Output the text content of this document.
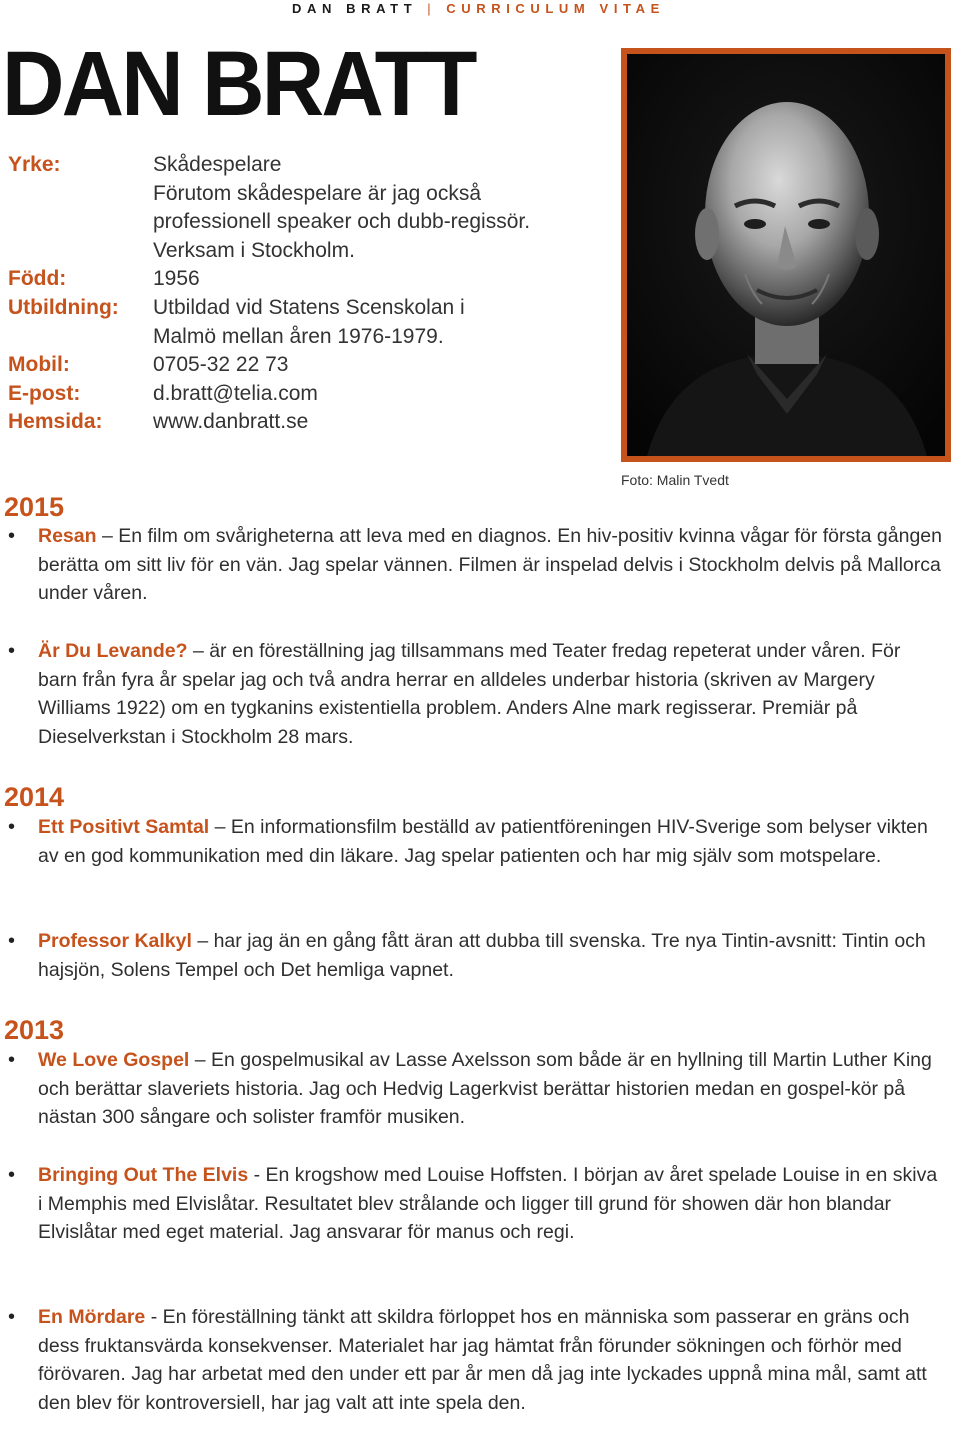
DAN BRATT | CURRICULUM VITAE
DAN BRATT
Yrke:	Skådespelare
Förutom skådespelare är jag också
professionell speaker och dubb-regissör.
Verksam i Stockholm.
Född:	1956
Utbildning:	Utbildad vid Statens Scenskolan i
Malmö mellan åren 1976-1979.
Mobil:	0705-32 22 73
E-post:	d.bratt@telia.com
Hemsida:	www.danbratt.se
Foto: Malin Tvedt
2015
• Resan – En film om svårigheterna att leva med en diagnos. En hiv-positiv kvinna vågar för första gången berätta om sitt liv för en vän. Jag spelar vännen. Filmen är inspelad delvis i Stockholm delvis på Mallorca under våren.
• Är Du Levande? – är en föreställning jag tillsammans med Teater fredag repeterat under våren. För barn från fyra år spelar jag och två andra herrar en alldeles underbar historia (skriven av Margery Williams 1922) om en tygkanins existentiella problem. Anders Alne mark regisserar. Premiär på Dieselverkstan i Stockholm 28 mars.
2014
• Ett Positivt Samtal – En informationsfilm beställd av patientföreningen HIV-Sverige som belyser vikten av en god kommunikation med din läkare. Jag spelar patienten och har mig själv som motspelare.
• Professor Kalkyl – har jag än en gång fått äran att dubba till svenska. Tre nya Tintin-avsnitt: Tintin och hajsjön, Solens Tempel och Det hemliga vapnet.
2013
• We Love Gospel – En gospelmusikal av Lasse Axelsson som både är en hyllning till Martin Luther King och berättar slaveriets historia. Jag och Hedvig Lagerkvist berättar historien medan en gospel-kör på nästan 300 sångare och solister framför musiken.
• Bringing Out The Elvis - En krogshow med Louise Hoffsten. I början av året spelade Louise in en skiva i Memphis med Elvislåtar. Resultatet blev strålande och ligger till grund för showen där hon blandar Elvislåtar med eget material. Jag ansvarar för manus och regi.
• En Mördare - En föreställning tänkt att skildra förloppet hos en människa som passerar en gräns och dess fruktansvärda konsekvenser. Materialet har jag hämtat från förunder sökningen och förhör med förövaren. Jag har arbetat med den under ett par år men då jag inte lyckades uppnå mina mål, samt att den blev för kontroversiell, har jag valt att inte spela den.
